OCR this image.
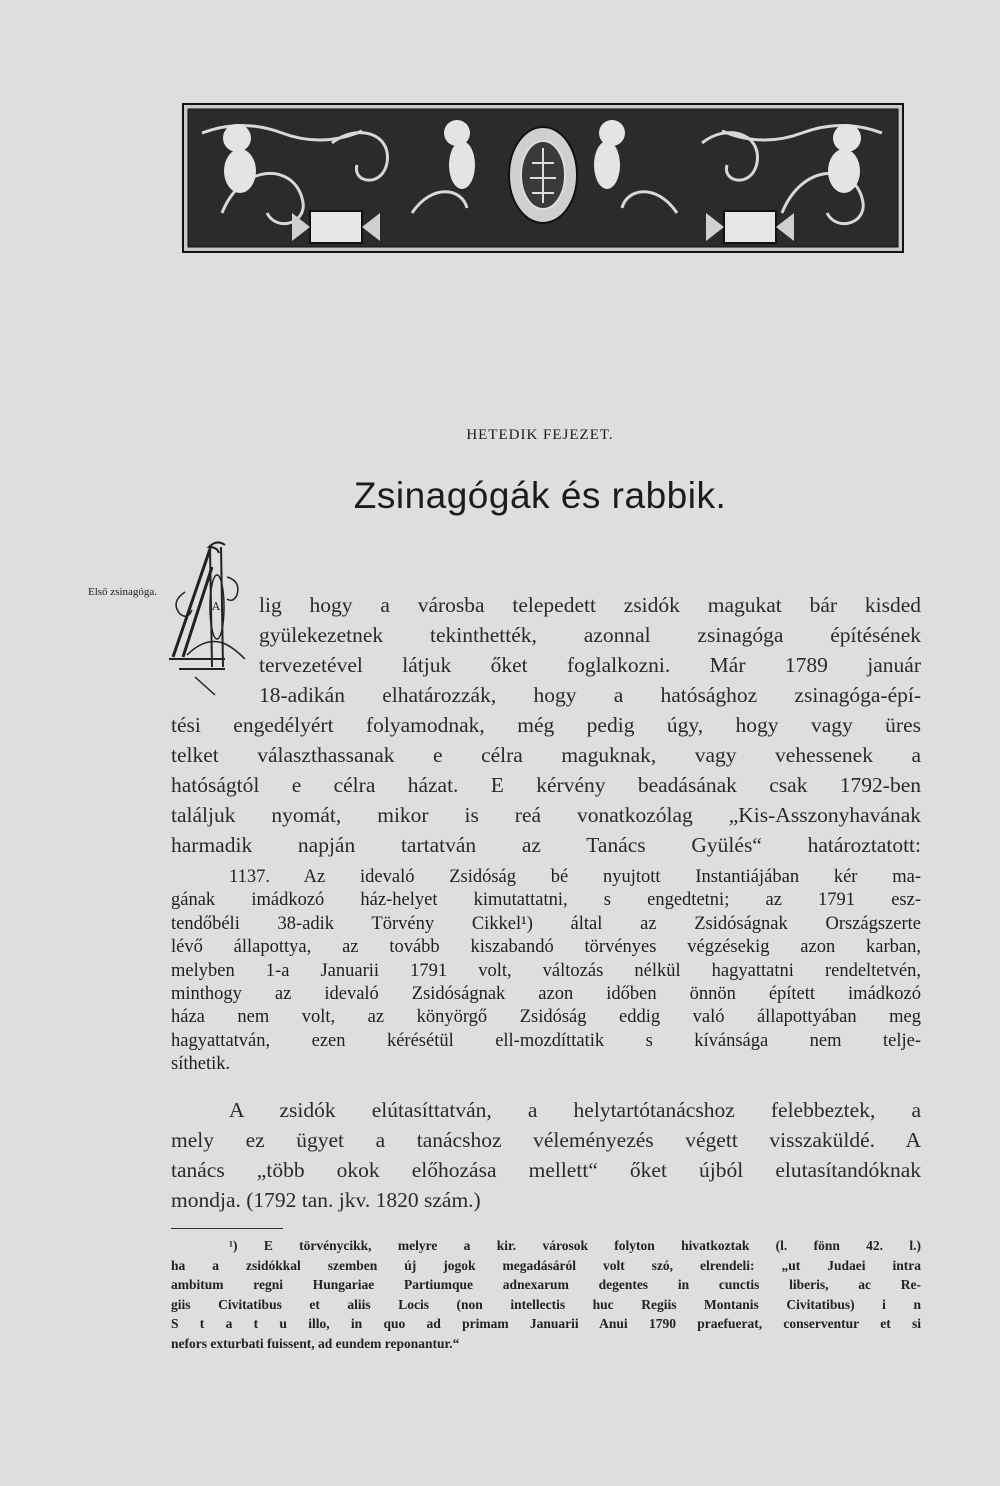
HETEDIK FEJEZET.
Zsinagógák és rabbik.
Első zsinagóga.
A	lig hogy a városba telepedett zsidók magukat bár kisded
gyülekezetnek tekinthették, azonnal zsinagóga építésének
tervezetével látjuk őket foglalkozni. Már 1789 január
18-adikán elhatározzák, hogy a hatósághoz zsinagóga-épí-
tési engedélyért folyamodnak, még pedig úgy, hogy vagy üres
telket választhassanak e célra maguknak, vagy vehessenek a
hatóságtól e célra házat. E kérvény beadásának csak 1792-ben
találjuk nyomát, mikor is reá vonatkozólag „Kis-Asszonyhavának
harmadik napján tartatván az Tanács Gyülés“ határoztatott:
1137. Az idevaló Zsidóság bé nyujtott Instantiájában kér ma-
gának imádkozó ház-helyet kimutattatni, s engedtetni; az 1791 esz-
tendőbéli 38-adik Törvény Cikkel¹) által az Zsidóságnak Országszerte
lévő állapottya, az tovább kiszabandó törvényes végzésekig azon karban,
melyben 1-a Januarii 1791 volt, változás nélkül hagyattatni rendeltetvén,
minthogy az idevaló Zsidóságnak azon időben önnön épített imádkozó
háza nem volt, az könyörgő Zsidóság eddig való állapottyában meg
hagyattatván, ezen kérésétül ell-mozdíttatik s kívánsága nem telje-
síthetik.
A zsidók elútasíttatván, a helytartótanácshoz felebbeztek, a
mely ez ügyet a tanácshoz véleményezés végett visszaküldé. A
tanács „több okok előhozása mellett“ őket újból elutasítandóknak
mondja. (1792 tan. jkv. 1820 szám.)
¹) E törvénycikk, melyre a kir. városok folyton hivatkoztak (l. fönn 42. l.)
ha a zsidókkal szemben új jogok megadásáról volt szó, elrendeli: „ut Judaei intra
ambitum regni Hungariae Partiumque adnexarum degentes in cunctis liberis, ac Re-
giis Civitatibus et aliis Locis (non intellectis huc Regiis Montanis Civitatibus) i n
S t a t u illo, in quo ad primam Januarii Anui 1790 praefuerat, conserventur et si
nefors exturbati fuissent, ad eundem reponantur.“
